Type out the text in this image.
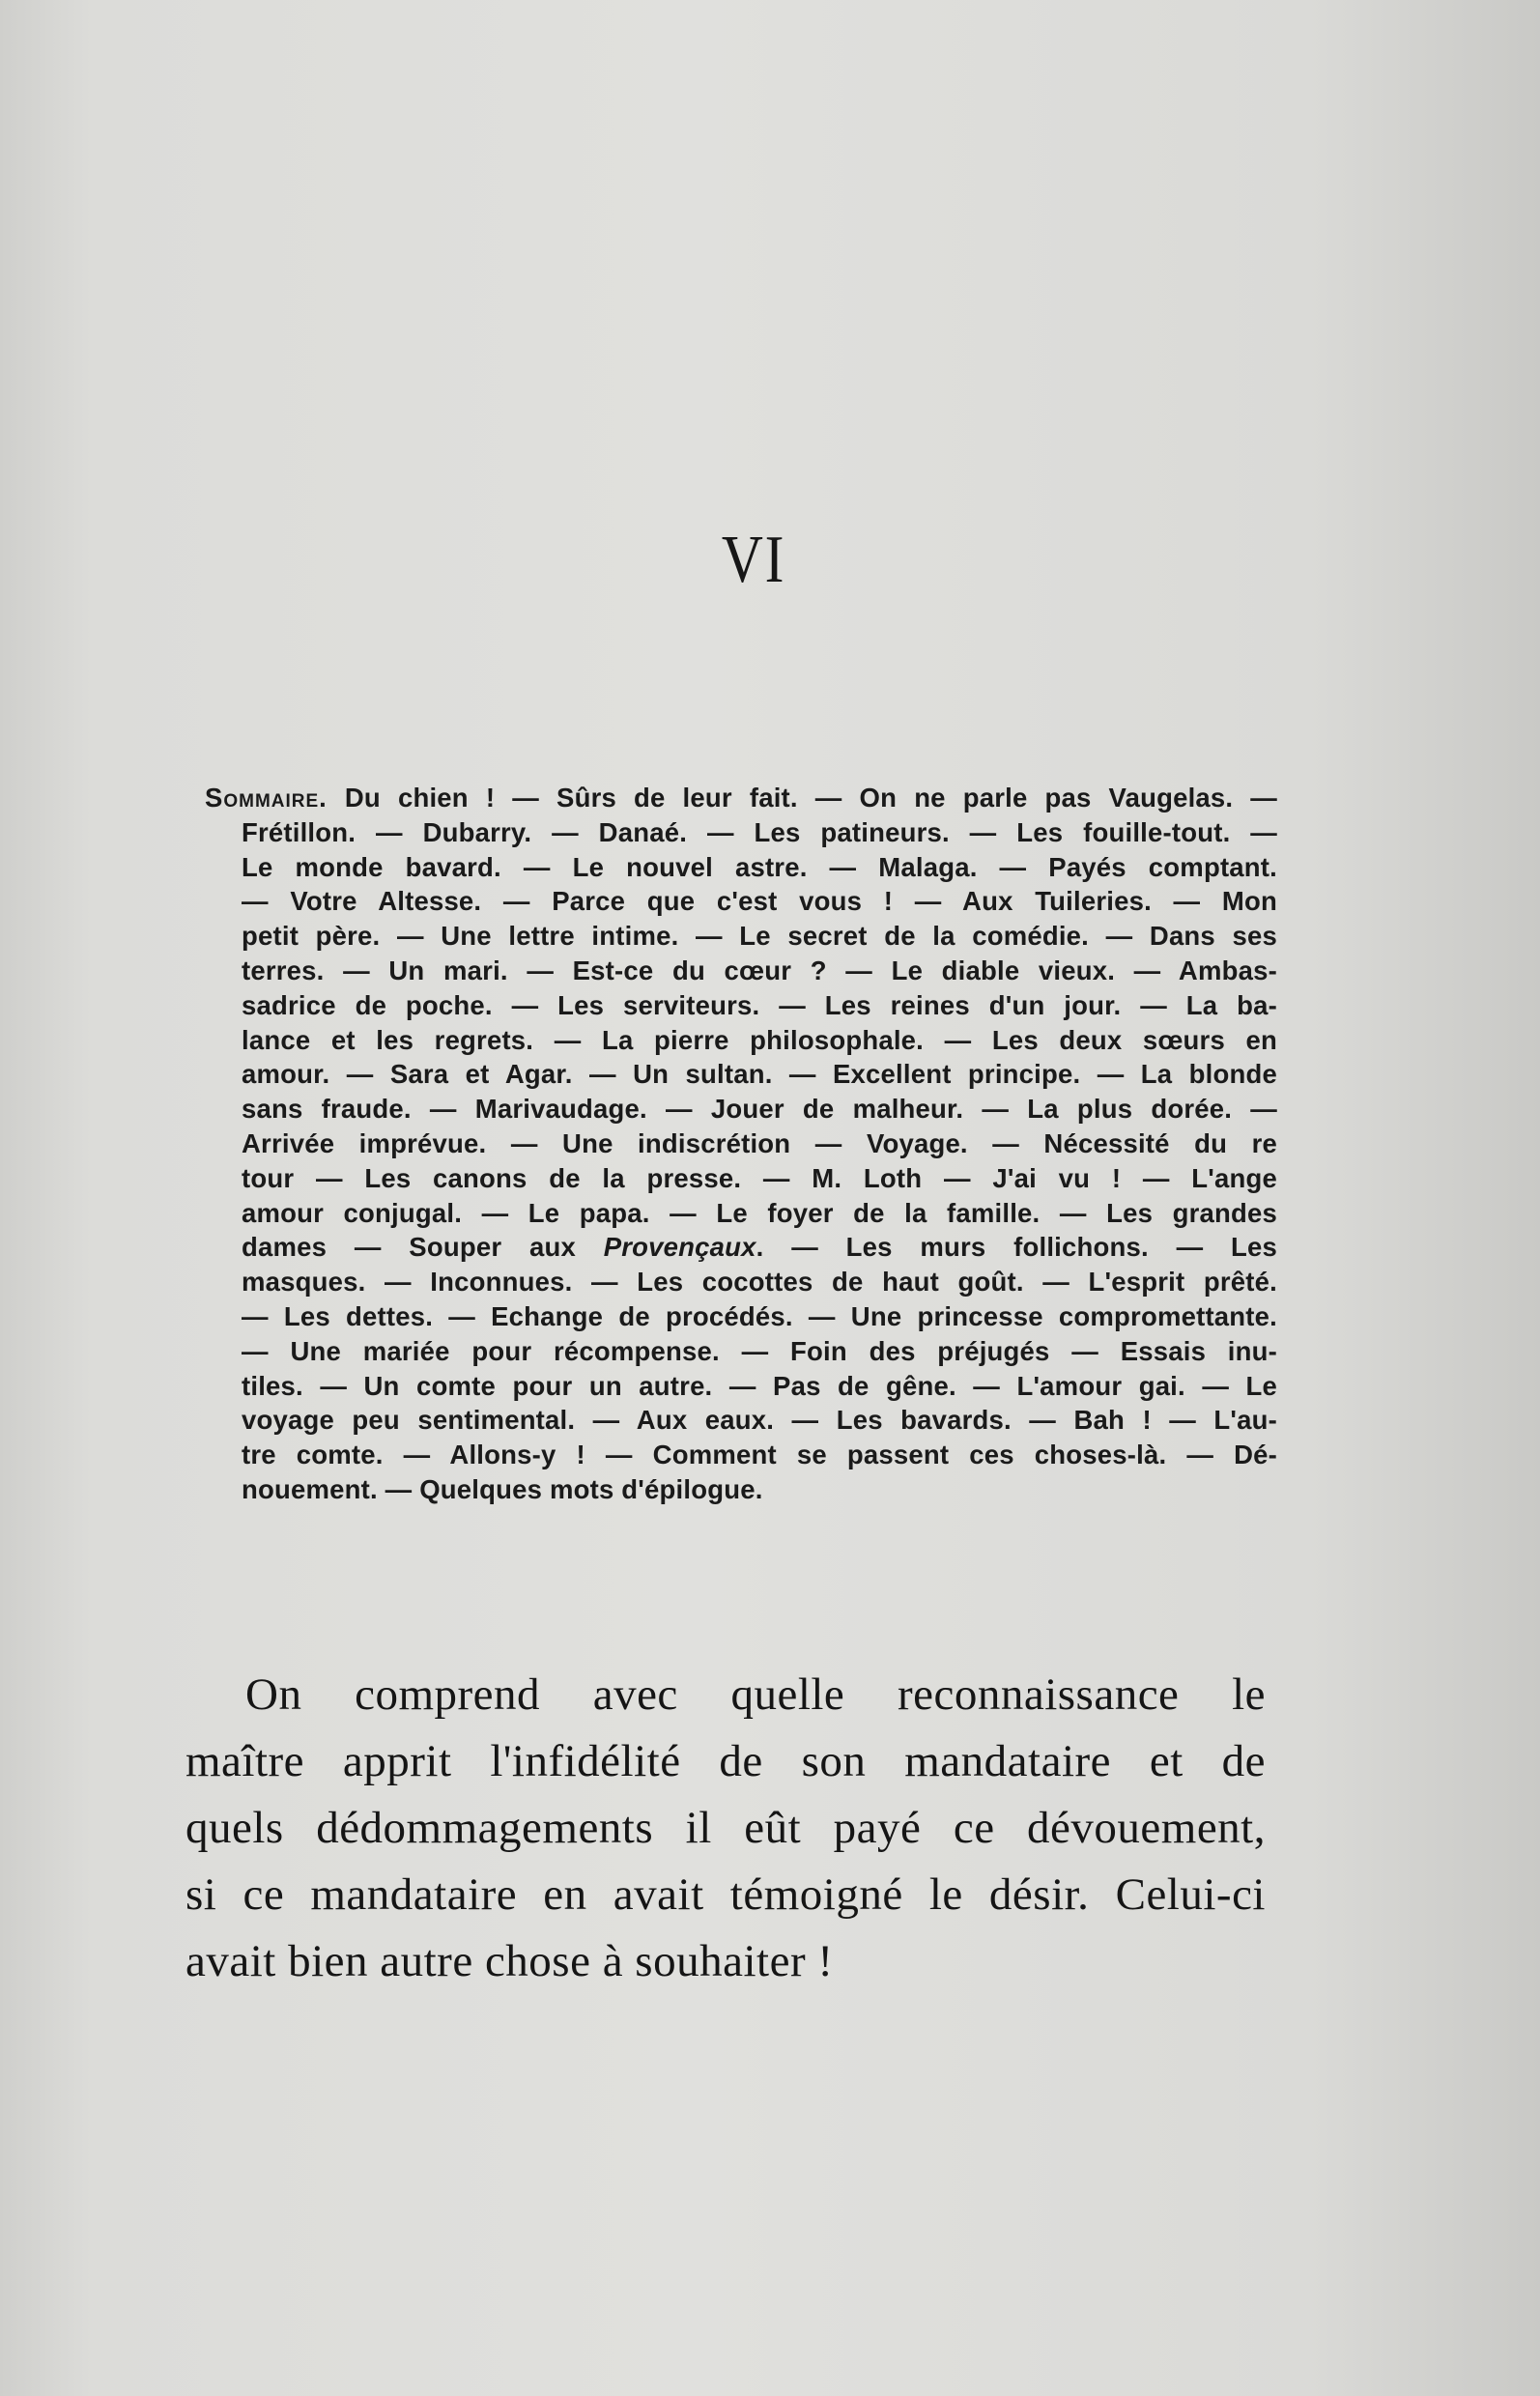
VI
Sommaire. Du chien ! — Sûrs de leur fait. — On ne parle pas Vaugelas. —
Frétillon. — Dubarry. — Danaé. — Les patineurs. — Les fouille-tout. —
Le monde bavard. — Le nouvel astre. — Malaga. — Payés comptant.
— Votre Altesse. — Parce que c'est vous ! — Aux Tuileries. — Mon
petit père. — Une lettre intime. — Le secret de la comédie. — Dans ses
terres. — Un mari. — Est-ce du cœur ? — Le diable vieux. — Ambas-
sadrice de poche. — Les serviteurs. — Les reines d'un jour. — La ba-
lance et les regrets. — La pierre philosophale. — Les deux sœurs en
amour. — Sara et Agar. — Un sultan. — Excellent principe. — La blonde
sans fraude. — Marivaudage. — Jouer de malheur. — La plus dorée. —
Arrivée imprévue. — Une indiscrétion — Voyage. — Nécessité du re
tour — Les canons de la presse. — M. Loth — J'ai vu ! — L'ange
amour conjugal. — Le papa. — Le foyer de la famille. — Les grandes
dames — Souper aux Provençaux. — Les murs follichons. — Les
masques. — Inconnues. — Les cocottes de haut goût. — L'esprit prêté.
— Les dettes. — Echange de procédés. — Une princesse compromettante.
— Une mariée pour récompense. — Foin des préjugés — Essais inu-
tiles. — Un comte pour un autre. — Pas de gêne. — L'amour gai. — Le
voyage peu sentimental. — Aux eaux. — Les bavards. — Bah ! — L'au-
tre comte. — Allons-y ! — Comment se passent ces choses-là. — Dé-
nouement. — Quelques mots d'épilogue.
On comprend avec quelle reconnaissance le
maître apprit l'infidélité de son mandataire et de
quels dédommagements il eût payé ce dévouement,
si ce mandataire en avait témoigné le désir. Celui-ci
avait bien autre chose à souhaiter !
